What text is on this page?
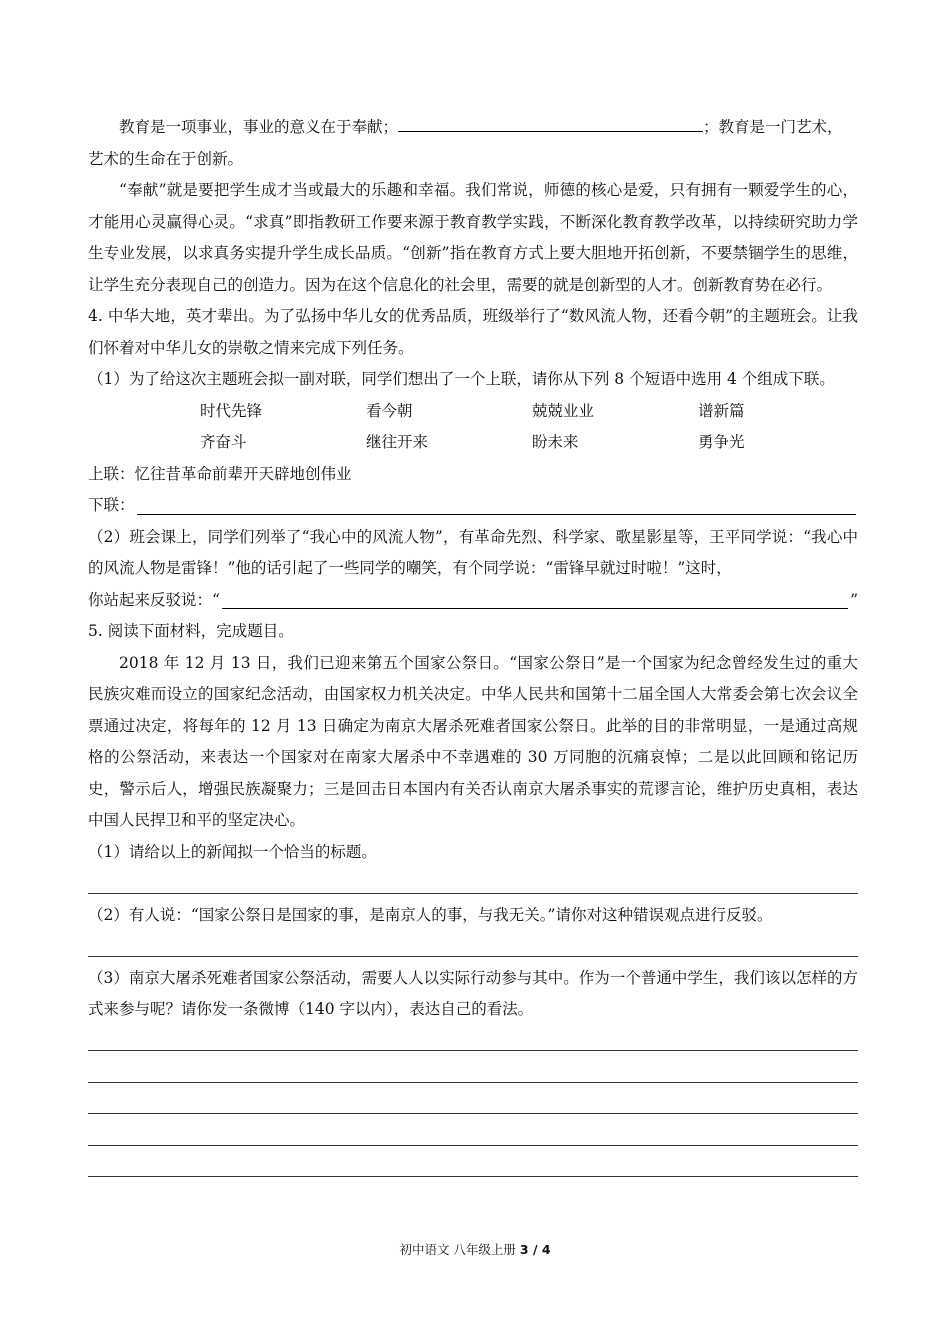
教育是一项事业，事业的意义在于奉献；	；教育是一门艺术，
艺术的生命在于创新。

“奉献”就是要把学生成才当或最大的乐趣和幸福。我们常说，师德的核心是爱，只有拥有一颗爱学生的心，才能用心灵赢得心灵。“求真”即指教研工作要来源于教育教学实践，不断深化教育教学改革，以持续研究助力学生专业发展，以求真务实提升学生成长品质。“创新”指在教育方式上要大胆地开拓创新，不要禁锢学生的思维，让学生充分表现自己的创造力。因为在这个信息化的社会里，需要的就是创新型的人才。创新教育势在必行。

4. 中华大地，英才辈出。为了弘扬中华儿女的优秀品质，班级举行了“数风流人物，还看今朝”的主题班会。让我们怀着对中华儿女的崇敬之情来完成下列任务。

（1）为了给这次主题班会拟一副对联，同学们想出了一个上联，请你从下列 8 个短语中选用 4 个组成下联。

时代先锋	看今朝	兢兢业业	谱新篇
齐奋斗	继往开来	盼未来	勇争光

上联：忆往昔革命前辈开天辟地创伟业

下联：

（2）班会课上，同学们列举了“我心中的风流人物”，有革命先烈、科学家、歌星影星等，王平同学说：“我心中的风流人物是雷锋！”他的话引起了一些同学的嘲笑，有个同学说：“雷锋早就过时啦！”这时，

你站起来反驳说：“	”

5. 阅读下面材料，完成题目。

2018 年 12 月 13 日，我们已迎来第五个国家公祭日。“国家公祭日”是一个国家为纪念曾经发生过的重大民族灾难而设立的国家纪念活动，由国家权力机关决定。中华人民共和国第十二届全国人大常委会第七次会议全票通过决定，将每年的 12 月 13 日确定为南京大屠杀死难者国家公祭日。此举的目的非常明显，一是通过高规格的公祭活动，来表达一个国家对在南家大屠杀中不幸遇难的 30 万同胞的沉痛哀悼；二是以此回顾和铭记历史，警示后人，增强民族凝聚力；三是回击日本国内有关否认南京大屠杀事实的荒谬言论，维护历史真相，表达中国人民捍卫和平的坚定决心。

（1）请给以上的新闻拟一个恰当的标题。

（2）有人说：“国家公祭日是国家的事，是南京人的事，与我无关。”请你对这种错误观点进行反驳。

（3）南京大屠杀死难者国家公祭活动，需要人人以实际行动参与其中。作为一个普通中学生，我们该以怎样的方式来参与呢？请你发一条微博（140 字以内），表达自己的看法。

初中语文 八年级上册 3 / 4
